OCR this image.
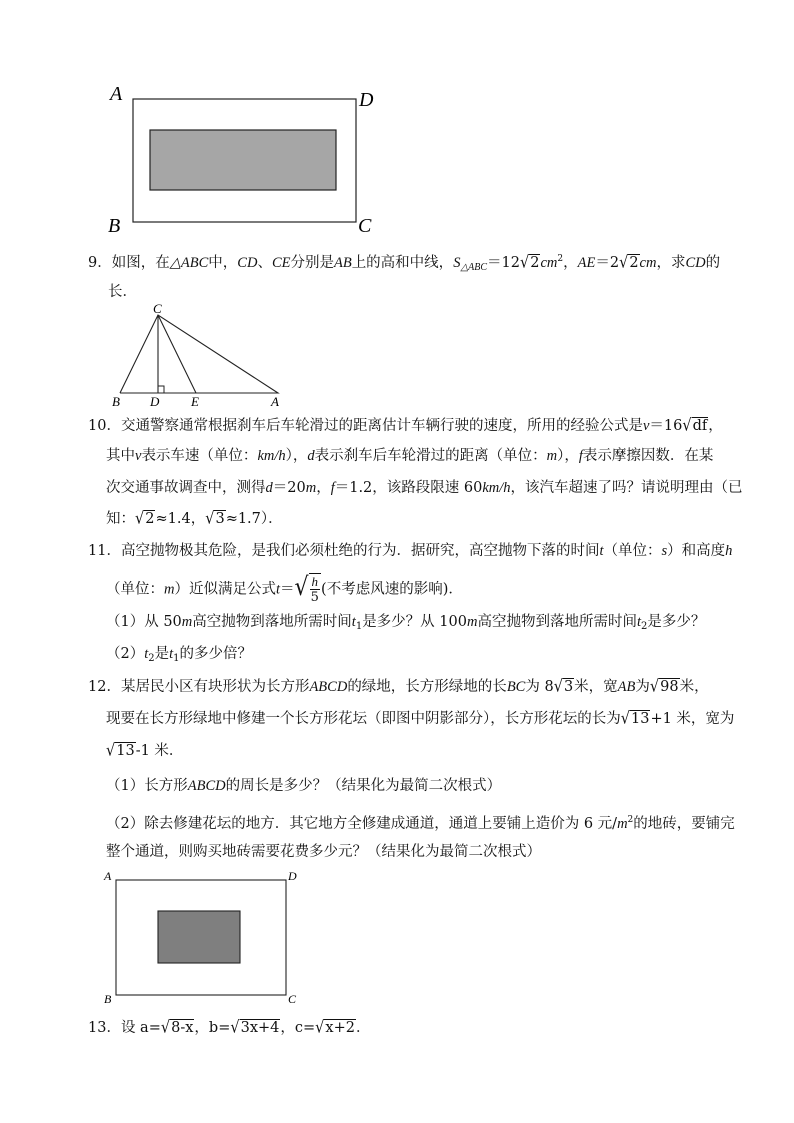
A	D
B	C
9．如图，在△ABC中，CD、CE分别是AB上的高和中线，$S_{\triangle ABC}=12√2cm^2$，AE＝2√2cm，求CD的
长．
C
B D E	A
10．交通警察通常根据刹车后车轮滑过的距离估计车辆行驶的速度，所用的经验公式是v＝16√df，
其中v表示车速（单位：km/h），d表示刹车后车轮滑过的距离（单位：m），f表示摩擦因数．在某
次交通事故调查中，测得d＝20m，f＝1.2，该路段限速 60km/h，该汽车超速了吗？请说明理由（已
知：√2≈1.4，√3≈1.7）．
11．高空抛物极其危险，是我们必须杜绝的行为．据研究，高空抛物下落的时间t（单位：s）和高度h
（单位：m）近似满足公式$t=√ \frac{h}{5}$ (不考虑风速的影响)．
（1）从 50m高空抛物到落地所需时间$t_1$是多少？从 100m高空抛物到落地所需时间$t_2$是多少？
$(2)t_2$是$t_1$的多少倍？
12．某居民小区有块形状为长方形ABCD的绿地，长方形绿地的长BC为 8√3米，宽AB为√98米，
现要在长方形绿地中修建一个长方形花坛（即图中阴影部分），长方形花坛的长为√13+1 米，宽为
√13-1 米．
（1）长方形ABCD的周长是多少？（结果化为最简二次根式）
（2）除去修建花坛的地方．其它地方全修建成通道，通道上要铺上造价为 6 元$/m^2$的地砖，要铺完
整个通道，则购买地砖需要花费多少元？（结果化为最简二次根式）
A	D
B	C
13．设 a=√8-x，b=√3x+4，c=√x+2．
